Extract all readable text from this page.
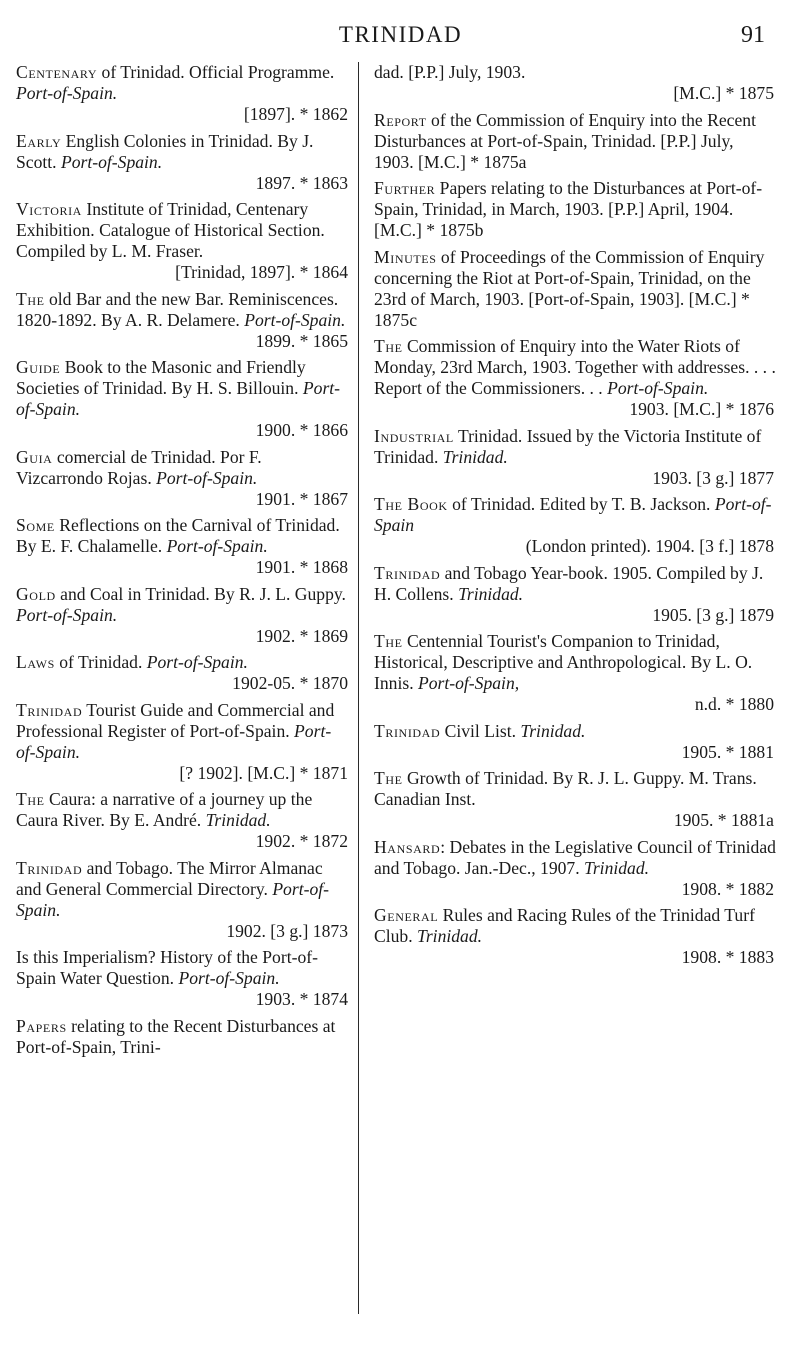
TRINIDAD	91
Centenary of Trinidad. Official Programme. Port-of-Spain.
[1897]. * 1862
Early English Colonies in Trinidad. By J. Scott. Port-of-Spain.
1897. * 1863
Victoria Institute of Trinidad, Centenary Exhibition. Catalogue of Historical Section. Compiled by L. M. Fraser.
[Trinidad, 1897]. * 1864
The old Bar and the new Bar. Reminiscences. 1820-1892. By A. R. Delamere. Port-of-Spain.
1899. * 1865
Guide Book to the Masonic and Friendly Societies of Trinidad. By H. S. Billouin. Port-of-Spain.
1900. * 1866
Guia comercial de Trinidad. Por F. Vizcarrondo Rojas. Port-of-Spain.
1901. * 1867
Some Reflections on the Carnival of Trinidad. By E. F. Chalamelle. Port-of-Spain.
1901. * 1868
Gold and Coal in Trinidad. By R. J. L. Guppy. Port-of-Spain.
1902. * 1869
Laws of Trinidad. Port-of-Spain.
1902-05. * 1870
Trinidad Tourist Guide and Commercial and Professional Register of Port-of-Spain. Port-of-Spain.
[? 1902]. [M.C.] * 1871
The Caura: a narrative of a journey up the Caura River. By E. André. Trinidad.
1902. * 1872
Trinidad and Tobago. The Mirror Almanac and General Commercial Directory. Port-of-Spain.
1902. [3 g.] 1873
Is this Imperialism? History of the Port-of-Spain Water Question. Port-of-Spain.
1903. * 1874
Papers relating to the Recent Disturbances at Port-of-Spain, Trini-
dad. [P.P.] July, 1903.
[M.C.] * 1875
Report of the Commission of Enquiry into the Recent Disturbances at Port-of-Spain, Trinidad. [P.P.] July, 1903. [M.C.] * 1875a
Further Papers relating to the Disturbances at Port-of-Spain, Trinidad, in March, 1903. [P.P.] April, 1904. [M.C.] * 1875b
Minutes of Proceedings of the Commission of Enquiry concerning the Riot at Port-of-Spain, Trinidad, on the 23rd of March, 1903. [Port-of-Spain, 1903]. [M.C.] * 1875c
The Commission of Enquiry into the Water Riots of Monday, 23rd March, 1903. Together with addresses. . . . Report of the Commissioners. . . Port-of-Spain.
1903. [M.C.] * 1876
Industrial Trinidad. Issued by the Victoria Institute of Trinidad. Trinidad.
1903. [3 g.] 1877
The Book of Trinidad. Edited by T. B. Jackson. Port-of-Spain
(London printed). 1904. [3 f.] 1878
Trinidad and Tobago Year-book. 1905. Compiled by J. H. Collens. Trinidad.
1905. [3 g.] 1879
The Centennial Tourist's Companion to Trinidad, Historical, Descriptive and Anthropological. By L. O. Innis. Port-of-Spain,
n.d. * 1880
Trinidad Civil List. Trinidad.
1905. * 1881
The Growth of Trinidad. By R. J. L. Guppy. M. Trans. Canadian Inst.
1905. * 1881a
Hansard: Debates in the Legislative Council of Trinidad and Tobago. Jan.-Dec., 1907. Trinidad.
1908. * 1882
General Rules and Racing Rules of the Trinidad Turf Club. Trinidad.
1908. * 1883
